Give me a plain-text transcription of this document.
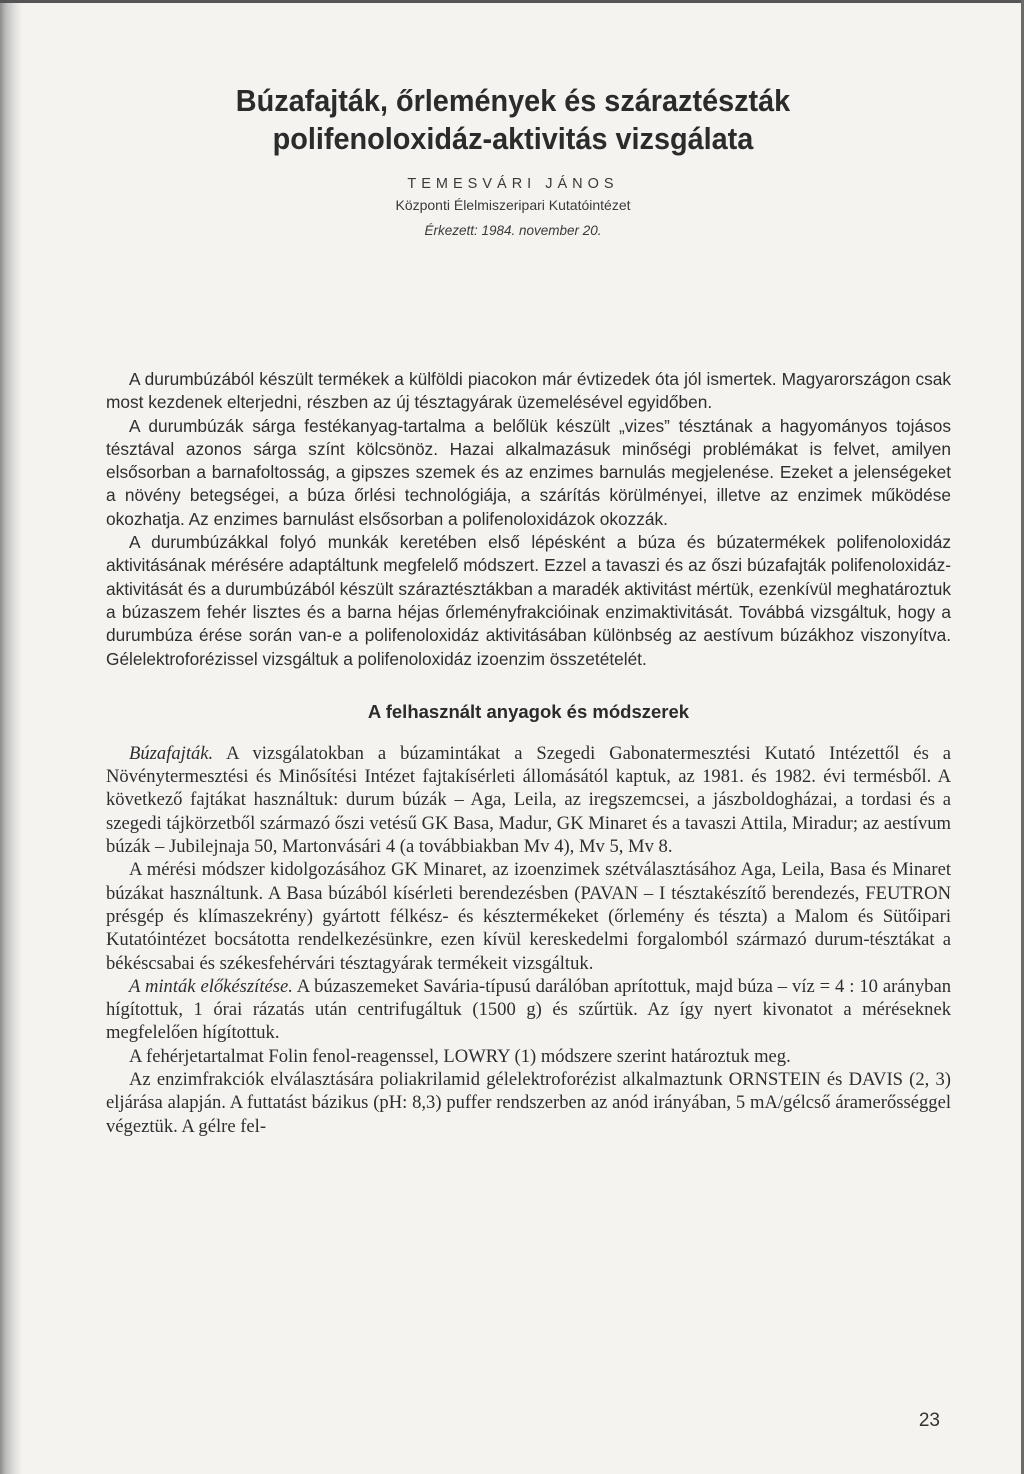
Búzafajták, őrlemények és száraztészták
polifenoloxidáz-aktivitás vizsgálata
TEMESVÁRI JÁNOS
Központi Élelmiszeripari Kutatóintézet
Érkezett: 1984. november 20.

A durumbúzából készült termékek a külföldi piacokon már évtizedek óta jól ismertek. Magyarországon csak most kezdenek elterjedni, részben az új tésztagyárak üzemelésével egyidőben.

A durumbúzák sárga festékanyag-tartalma a belőlük készült „vizes” tésztának a hagyományos tojásos tésztával azonos sárga színt kölcsönöz. Hazai alkalmazásuk minőségi problémákat is felvet, amilyen elsősorban a barnafoltosság, a gipszes szemek és az enzimes barnulás megjelenése. Ezeket a jelenségeket a növény betegségei, a búza őrlési technológiája, a szárítás körülményei, illetve az enzimek működése okozhatja. Az enzimes barnulást elsősorban a polifenoloxidázok okozzák.

A durumbúzákkal folyó munkák keretében első lépésként a búza és búzatermékek polifenoloxidáz aktivitásának mérésére adaptáltunk megfelelő módszert. Ezzel a tavaszi és az őszi búzafajták polifenoloxidáz-aktivitását és a durumbúzából készült száraztésztákban a maradék aktivitást mértük, ezenkívül meghatároztuk a búzaszem fehér lisztes és a barna héjas őrleményfrakcióinak enzimaktivitását. Továbbá vizsgáltuk, hogy a durumbúza érése során van-e a polifenoloxidáz aktivitásában különbség az aestívum búzákhoz viszonyítva. Gélelektroforézissel vizsgáltuk a polifenoloxidáz izoenzim összetételét.

A felhasznált anyagok és módszerek

Búzafajták. A vizsgálatokban a búzamintákat a Szegedi Gabonatermesztési Kutató Intézettől és a Növénytermesztési és Minősítési Intézet fajtakísérleti állomásától kaptuk, az 1981. és 1982. évi termésből. A következő fajtákat használtuk: durum búzák – Aga, Leila, az iregszemcsei, a jászboldogházai, a tordasi és a szegedi tájkörzetből származó őszi vetésű GK Basa, Madur, GK Minaret és a tavaszi Attila, Miradur; az aestívum búzák – Jubilejnaja 50, Martonvásári 4 (a továbbiakban Mv 4), Mv 5, Mv 8.

A mérési módszer kidolgozásához GK Minaret, az izoenzimek szétválasztásához Aga, Leila, Basa és Minaret búzákat használtunk. A Basa búzából kísérleti berendezésben (PAVAN – I tésztakészítő berendezés, FEUTRON présgép és klímaszekrény) gyártott félkész- és késztermékeket (őrlemény és tészta) a Malom és Sütőipari Kutatóintézet bocsátotta rendelkezésünkre, ezen kívül kereskedelmi forgalomból származó durum-tésztákat a békéscsabai és székesfehérvári tésztagyárak termékeit vizsgáltuk.

A minták előkészítése. A búzaszemeket Savária-típusú darálóban aprítottuk, majd búza – víz = 4 : 10 arányban hígítottuk, 1 órai rázatás után centrifugáltuk (1500 g) és szűrtük. Az így nyert kivonatot a méréseknek megfelelően hígítottuk.

A fehérjetartalmat Folin fenol-reagenssel, LOWRY (1) módszere szerint határoztuk meg.

Az enzimfrakciók elválasztására poliakrilamid gélelektroforézist alkalmaztunk ORNSTEIN és DAVIS (2, 3) eljárása alapján. A futtatást bázikus (pH: 8,3) puffer rendszerben az anód irányában, 5 mA/gélcső áramerősséggel végeztük. A gélre fel-

23
